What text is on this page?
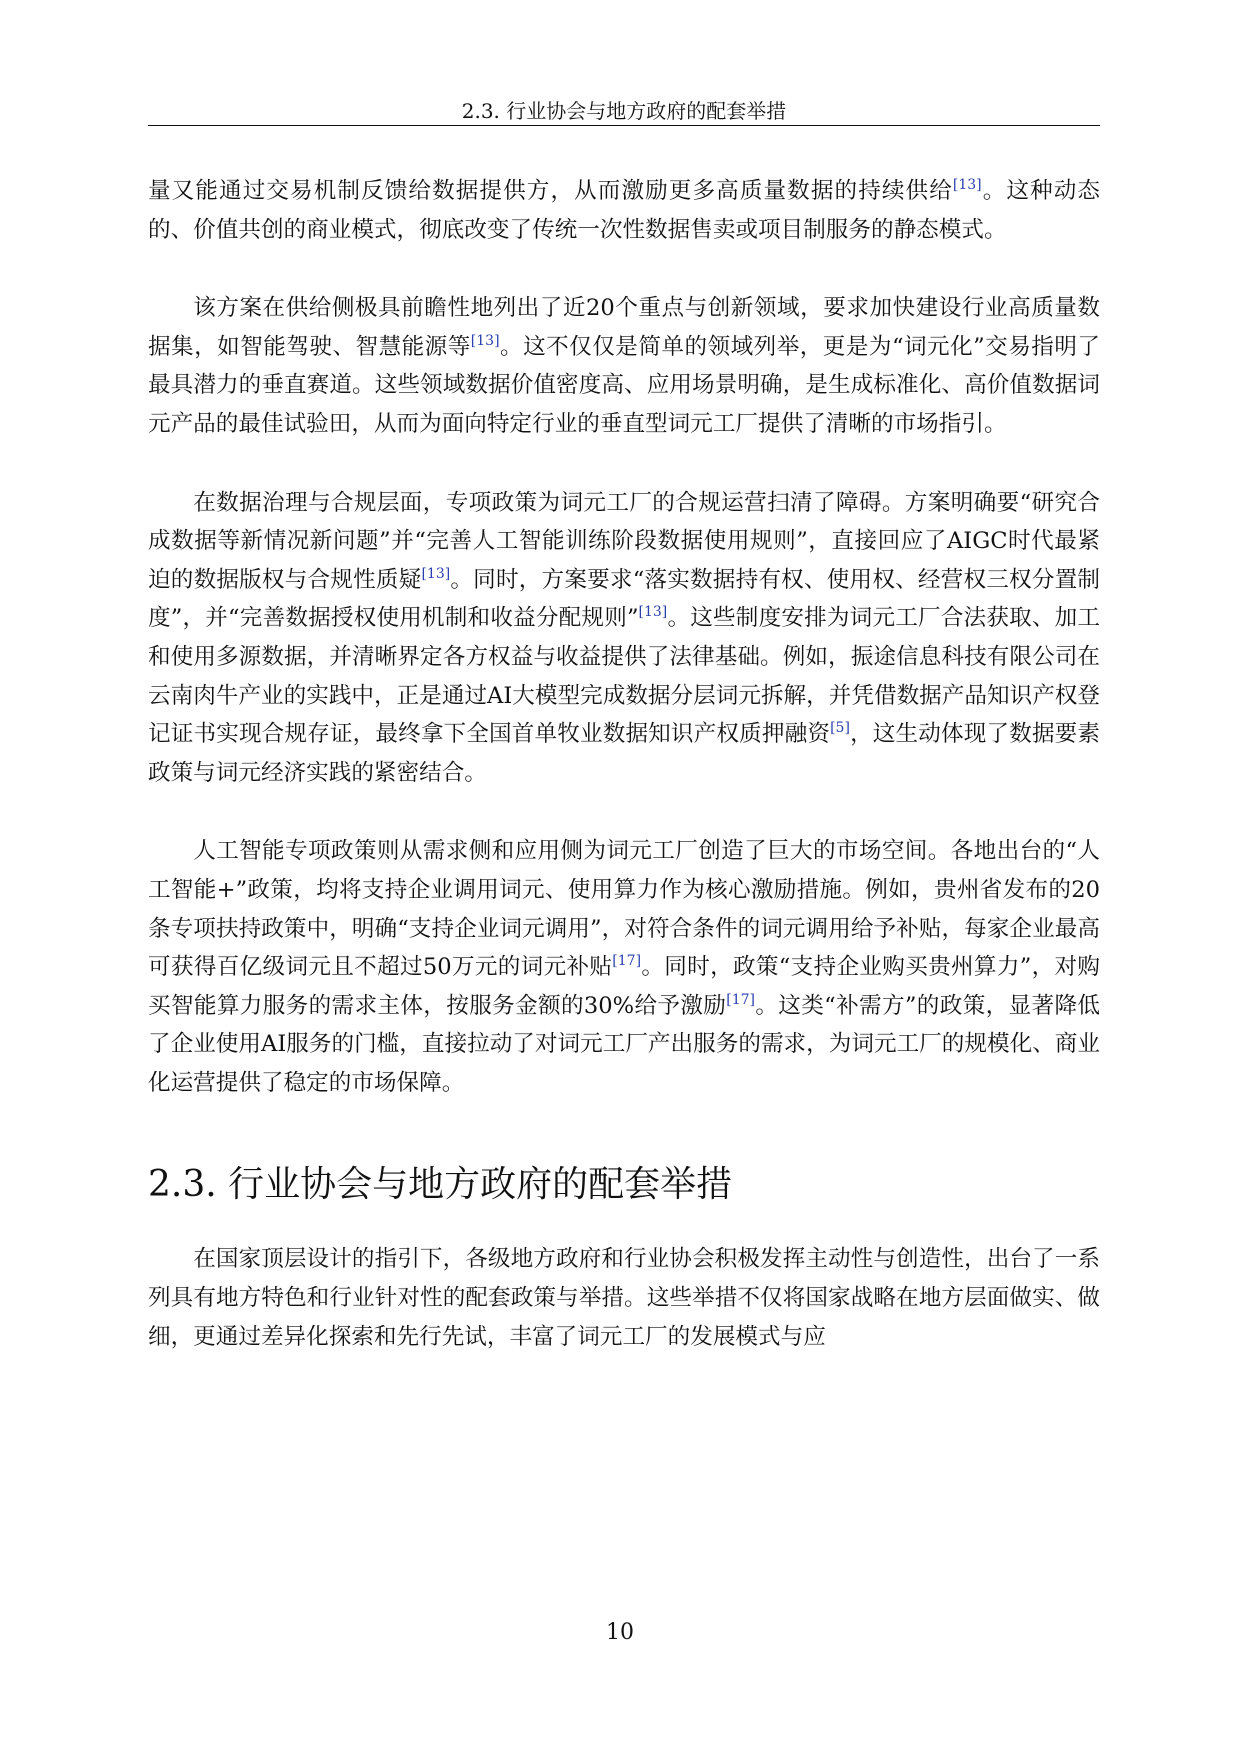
2.3. 行业协会与地方政府的配套举措

量又能通过交易机制反馈给数据提供方，从而激励更多高质量数据的持续供给[13]。这种动态的、价值共创的商业模式，彻底改变了传统一次性数据售卖或项目制服务的静态模式。

该方案在供给侧极具前瞻性地列出了近20个重点与创新领域，要求加快建设行业高质量数据集，如智能驾驶、智慧能源等[13]。这不仅仅是简单的领域列举，更是为“词元化”交易指明了最具潜力的垂直赛道。这些领域数据价值密度高、应用场景明确，是生成标准化、高价值数据词元产品的最佳试验田，从而为面向特定行业的垂直型词元工厂提供了清晰的市场指引。

在数据治理与合规层面，专项政策为词元工厂的合规运营扫清了障碍。方案明确要“研究合成数据等新情况新问题”并“完善人工智能训练阶段数据使用规则”，直接回应了AIGC时代最紧迫的数据版权与合规性质疑[13]。同时，方案要求“落实数据持有权、使用权、经营权三权分置制度”，并“完善数据授权使用机制和收益分配规则”[13]。这些制度安排为词元工厂合法获取、加工和使用多源数据，并清晰界定各方权益与收益提供了法律基础。例如，振途信息科技有限公司在云南肉牛产业的实践中，正是通过AI大模型完成数据分层词元拆解，并凭借数据产品知识产权登记证书实现合规存证，最终拿下全国首单牧业数据知识产权质押融资[5]，这生动体现了数据要素政策与词元经济实践的紧密结合。

人工智能专项政策则从需求侧和应用侧为词元工厂创造了巨大的市场空间。各地出台的“人工智能+”政策，均将支持企业调用词元、使用算力作为核心激励措施。例如，贵州省发布的20条专项扶持政策中，明确“支持企业词元调用”，对符合条件的词元调用给予补贴，每家企业最高可获得百亿级词元且不超过50万元的词元补贴[17]。同时，政策“支持企业购买贵州算力”，对购买智能算力服务的需求主体，按服务金额的30%给予激励[17]。这类“补需方”的政策，显著降低了企业使用AI服务的门槛，直接拉动了对词元工厂产出服务的需求，为词元工厂的规模化、商业化运营提供了稳定的市场保障。

2.3. 行业协会与地方政府的配套举措

在国家顶层设计的指引下，各级地方政府和行业协会积极发挥主动性与创造性，出台了一系列具有地方特色和行业针对性的配套政策与举措。这些举措不仅将国家战略在地方层面做实、做细，更通过差异化探索和先行先试，丰富了词元工厂的发展模式与应

10
